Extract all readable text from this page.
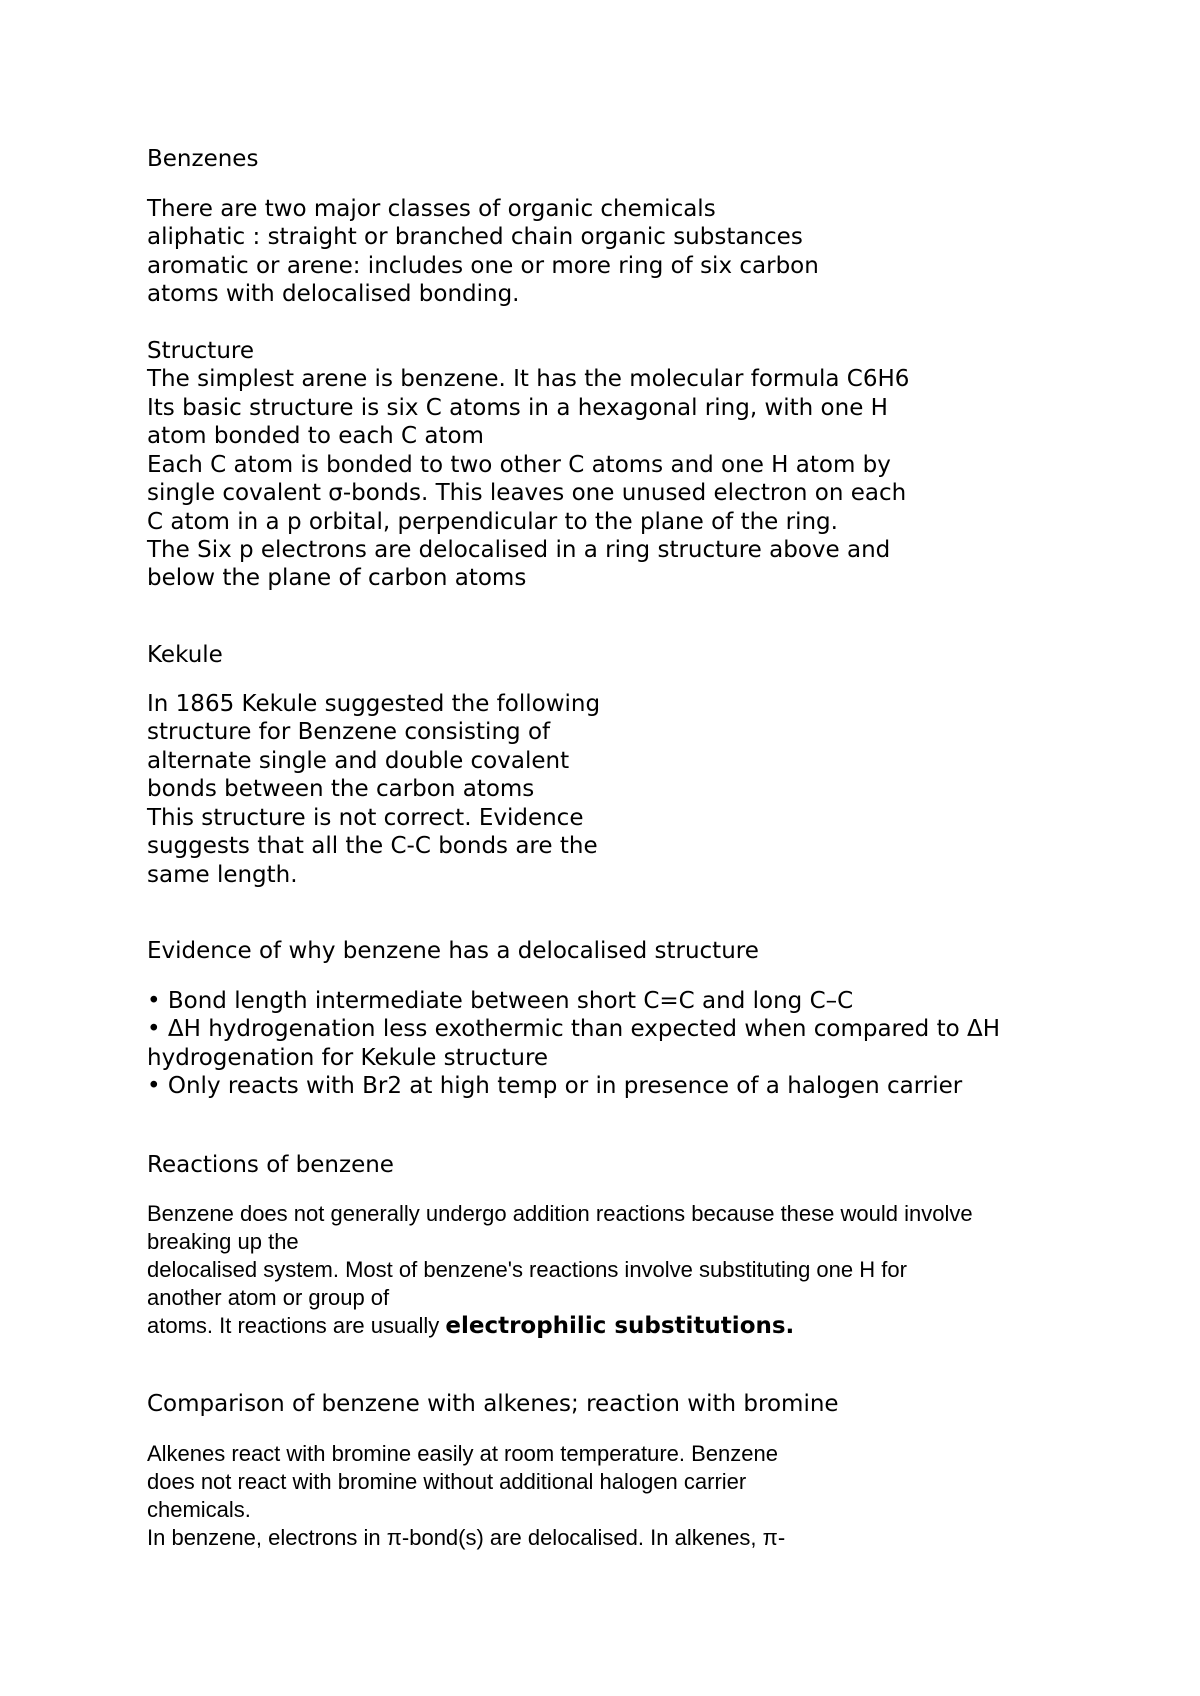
Benzenes
There are two major classes of organic chemicals
aliphatic : straight or branched chain organic substances
aromatic or arene: includes one or more ring of six carbon
atoms with delocalised bonding.
Structure
The simplest arene is benzene. It has the molecular formula C6H6
Its basic structure is six C atoms in a hexagonal ring, with one H
atom bonded to each C atom
Each C atom is bonded to two other C atoms and one H atom by
single covalent σ-bonds. This leaves one unused electron on each
C atom in a p orbital, perpendicular to the plane of the ring.
The Six p electrons are delocalised in a ring structure above and
below the plane of carbon atoms
Kekule
In 1865 Kekule suggested the following
structure for Benzene consisting of
alternate single and double covalent
bonds between the carbon atoms
This structure is not correct. Evidence
suggests that all the C-C bonds are the
same length.
Evidence of why benzene has a delocalised structure
• Bond length intermediate between short C=C and long C–C
• ΔH hydrogenation less exothermic than expected when compared to ΔH
hydrogenation for Kekule structure
• Only reacts with Br2 at high temp or in presence of a halogen carrier
Reactions of benzene
Benzene does not generally undergo addition reactions because these would involve
breaking up the
delocalised system. Most of benzene's reactions involve substituting one H for
another atom or group of
atoms. It reactions are usually electrophilic substitutions.
Comparison of benzene with alkenes; reaction with bromine
Alkenes react with bromine easily at room temperature. Benzene
does not react with bromine without additional halogen carrier
chemicals.
In benzene, electrons in π-bond(s) are delocalised. In alkenes, π-
